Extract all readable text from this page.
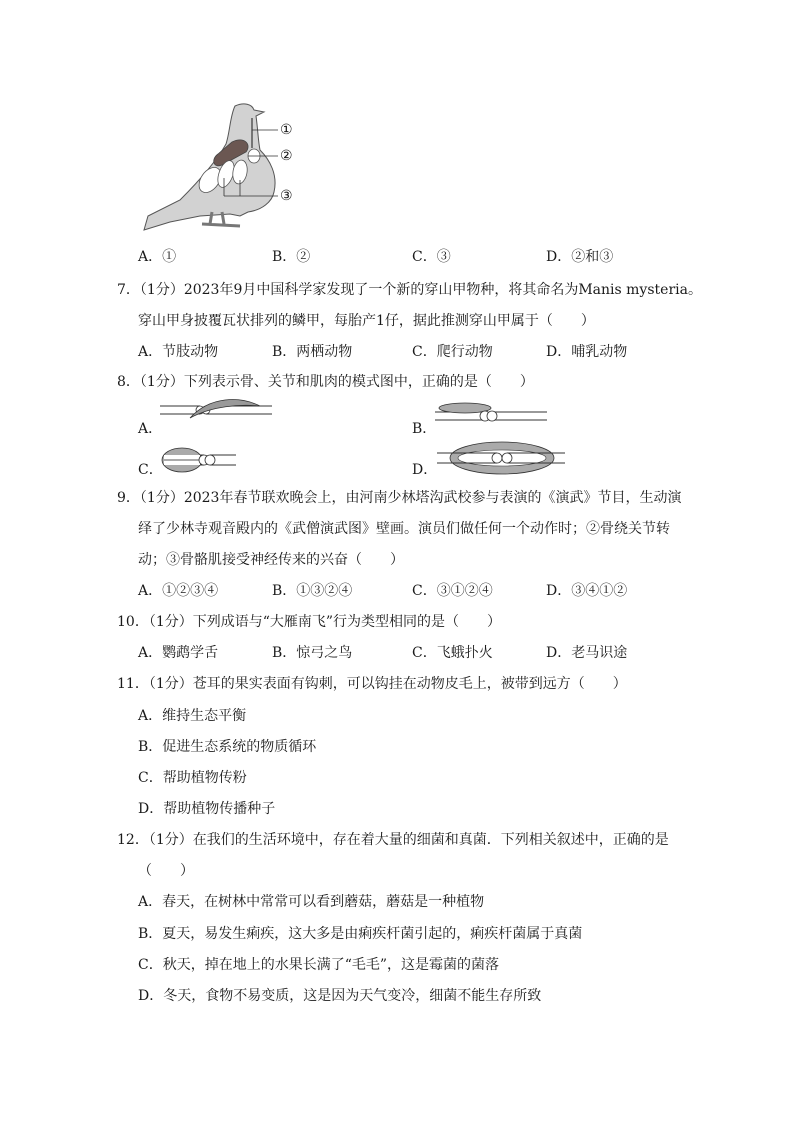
①
②
③
A．①	B．②	C．③	D．②和③
7．（1分）2023年9月中国科学家发现了一个新的穿山甲物种，将其命名为Manis mysteria。
穿山甲身披覆瓦状排列的鳞甲，每胎产1仔，据此推测穿山甲属于（　　）
A．节肢动物	B．两栖动物	C．爬行动物	D．哺乳动物
8．（1分）下列表示骨、关节和肌肉的模式图中，正确的是（　　）
A．	B．
C．	D．
9．（1分）2023年春节联欢晚会上，由河南少林塔沟武校参与表演的《演武》节目，生动演
绎了少林寺观音殿内的《武僧演武图》壁画。演员们做任何一个动作时；②骨绕关节转
动；③骨骼肌接受神经传来的兴奋（　　）
A．①②③④	B．①③②④	C．③①②④	D．③④①②
10．（1分）下列成语与“大雁南飞”行为类型相同的是（　　）
A．鹦鹉学舌	B．惊弓之鸟	C．飞蛾扑火	D．老马识途
11．（1分）苍耳的果实表面有钩刺，可以钩挂在动物皮毛上，被带到远方（　　）
A．维持生态平衡
B．促进生态系统的物质循环
C．帮助植物传粉
D．帮助植物传播种子
12．（1分）在我们的生活环境中，存在着大量的细菌和真菌．下列相关叙述中，正确的是
（　　）
A．春天，在树林中常常可以看到蘑菇，蘑菇是一种植物
B．夏天，易发生痢疾，这大多是由痢疾杆菌引起的，痢疾杆菌属于真菌
C．秋天，掉在地上的水果长满了“毛毛”，这是霉菌的菌落
D．冬天，食物不易变质，这是因为天气变冷，细菌不能生存所致
